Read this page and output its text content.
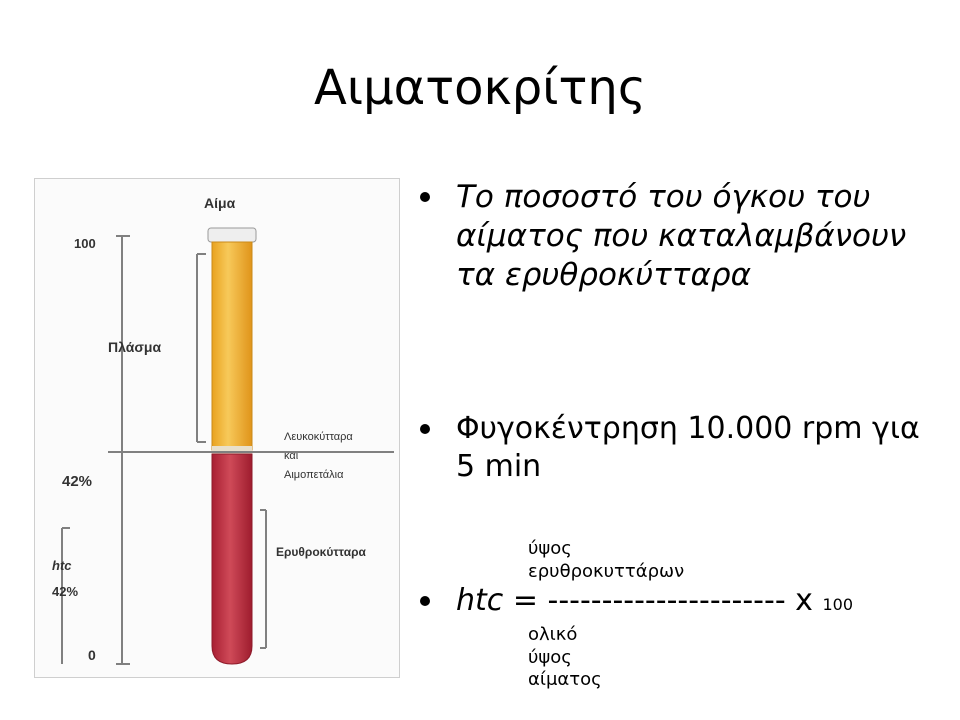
Αιματοκρίτης
Αίμα
100
Πλάσμα
Λευκοκύτταρα
και
Αιμοπετάλια
42%
Ερυθροκύτταρα
htc
42%
0
Το ποσοστό του όγκου του αίματος που καταλαμβάνουν τα ερυθροκύτταρα
Φυγοκέντρηση 10.000 rpm για 5 min
ύψος ερυθροκυττάρων
htc = ---------------------- x 100
ολικό ύψος αίματος
